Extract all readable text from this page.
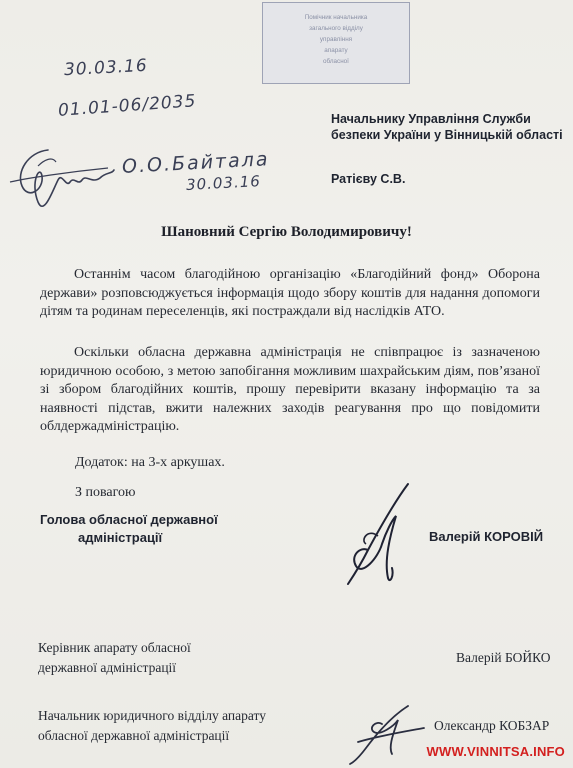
Помічник начальника
загального відділу
управління
апарату
обласної
30.03.16
01.01-06/2035
О.О.Байтала
30.03.16
Начальнику Управління Служби безпеки України у Вінницькій області
Ратієву С.В.
Шановний Сергію Володимировичу!
Останнім часом благодійною організацію «Благодійний фонд» Оборона держави» розповсюджується інформація щодо збору коштів для надання допомоги дітям та родинам переселенців, які постраждали від наслідків АТО.
Оскільки обласна державна адміністрація не співпрацює із зазначеною юридичною особою, з метою запобігання можливим шахрайським діям, пов’язаної зі збором благодійних коштів, прошу перевірити вказану інформацію та за наявності підстав, вжити належних заходів реагування про що повідомити облдержадміністрацію.
Додаток: на 3-х аркушах.
З повагою
Голова обласної державної
адміністрації	Валерій КОРОВІЙ
Керівник апарату обласної
державної адміністрації
Валерій БОЙКО
Начальник юридичного відділу апарату
обласної державної адміністрації
Олександр КОБЗАР
WWW.VINNITSA.INFO
